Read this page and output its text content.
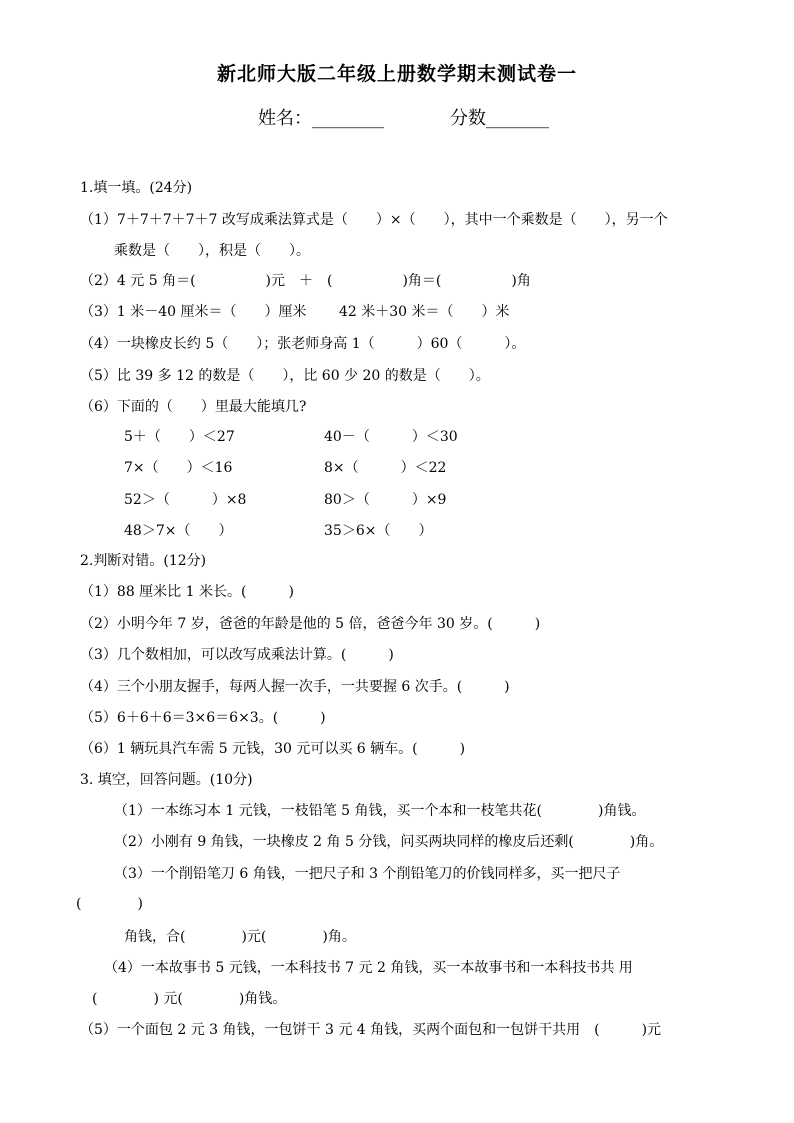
新北师大版二年级上册数学期末测试卷一
姓名：________	分数_______
1.填一填。(24分)
（1）7＋7＋7＋7＋7 改写成乘法算式是（　　）×（　　），其中一个乘数是（　　），另一个
乘数是（　　），积是（　　）。
（2）4 元 5 角＝(　　　　　)元　＋　(　　　　　)角＝(　　　　　)角
（3）1 米－40 厘米＝（　　）厘米　　 42 米＋30 米＝（　　）米
（4）一块橡皮长约 5（　　）；张老师身高 1（　　　）60（　　　）。
（5）比 39 多 12 的数是（　　），比 60 少 20 的数是（　　）。
（6）下面的（　　）里最大能填几?
5＋（　　）＜27	40－（　　　）＜30
7×（　　）＜16	8×（　　　）＜22
52＞（　　　）×8	80＞（　　　）×9
48＞7×（　　）	35＞6×（　　）
2.判断对错。(12分)
（1）88 厘米比 1 米长。(　　　)
（2）小明今年 7 岁，爸爸的年龄是他的 5 倍，爸爸今年 30 岁。(　　　)
（3）几个数相加，可以改写成乘法计算。(　　　)
（4）三个小朋友握手，每两人握一次手，一共要握 6 次手。(　　　)
（5）6＋6＋6＝3×6＝6×3。(　　　)
（6）1 辆玩具汽车需 5 元钱，30 元可以买 6 辆车。(　　　)
3. 填空，回答问题。(10分)
（1）一本练习本 1 元钱，一枝铅笔 5 角钱，买一个本和一枝笔共花(　　　　)角钱。
（2）小刚有 9 角钱，一块橡皮 2 角 5 分钱，问买两块同样的橡皮后还剩(　　　　)角。
（3）一个削铅笔刀 6 角钱，一把尺子和 3 个削铅笔刀的价钱同样多，买一把尺子
(　　　　)
角钱，合(　　　　)元(　　　　)角。
（4）一本故事书 5 元钱，一本科技书 7 元 2 角钱，买一本故事书和一本科技书共 用
(　　　　) 元(　　　　)角钱。
（5）一个面包 2 元 3 角钱，一包饼干 3 元 4 角钱，买两个面包和一包饼干共用　(　　　)元
